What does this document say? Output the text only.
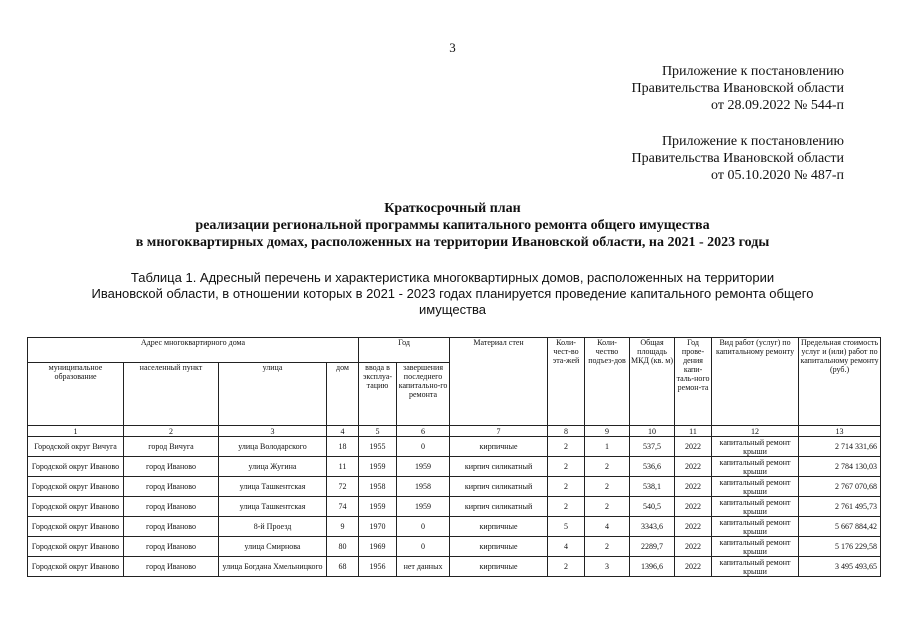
3
Приложение к постановлению
Правительства Ивановской области
от 28.09.2022 № 544-п
Приложение к постановлению
Правительства Ивановской области
от 05.10.2020 № 487-п
Краткосрочный план
реализации региональной программы капитального ремонта общего имущества
в многоквартирных домах, расположенных на территории Ивановской области, на 2021 - 2023 годы
Таблица 1. Адресный перечень и характеристика многоквартирных домов, расположенных на территории
Ивановской области, в отношении которых в 2021 - 2023 годах планируется проведение капитального ремонта общего
имущества
Адрес многоквартирного дома				Год		Материал стен	Коли-чест-во эта-жей	Коли-чество подъез-дов	Общая площадь МКД (кв. м)	Год прове-дения капи-таль-ного ремон-та	Вид работ (услуг) по капитальному ремонту	Предельная стоимость услуг и (или) работ по капитальному ремонту (руб.)
муниципальное образование	населенный пункт	улица	дом	ввода в эксплуа-тацию	завершения последнего капитально-го ремонта							
1	2	3	4	5	6	7	8	9	10	11	12	13
Городской округ Вичуга	город Вичуга	улица Володарского	18	1955	0	кирпичные	2	1	537,5	2022	капитальный ремонт крыши	2 714 331,66
Городской округ Иваново	город Иваново	улица Жугина	11	1959	1959	кирпич силикатный	2	2	536,6	2022	капитальный ремонт крыши	2 784 130,03
Городской округ Иваново	город Иваново	улица Ташкентская	72	1958	1958	кирпич силикатный	2	2	538,1	2022	капитальный ремонт крыши	2 767 070,68
Городской округ Иваново	город Иваново	улица Ташкентская	74	1959	1959	кирпич силикатный	2	2	540,5	2022	капитальный ремонт крыши	2 761 495,73
Городской округ Иваново	город Иваново	8-й Проезд	9	1970	0	кирпичные	5	4	3343,6	2022	капитальный ремонт крыши	5 667 884,42
Городской округ Иваново	город Иваново	улица Смирнова	80	1969	0	кирпичные	4	2	2289,7	2022	капитальный ремонт крыши	5 176 229,58
Городской округ Иваново	город Иваново	улица Богдана Хмельницкого	68	1956	нет данных	кирпичные	2	3	1396,6	2022	капитальный ремонт крыши	3 495 493,65
